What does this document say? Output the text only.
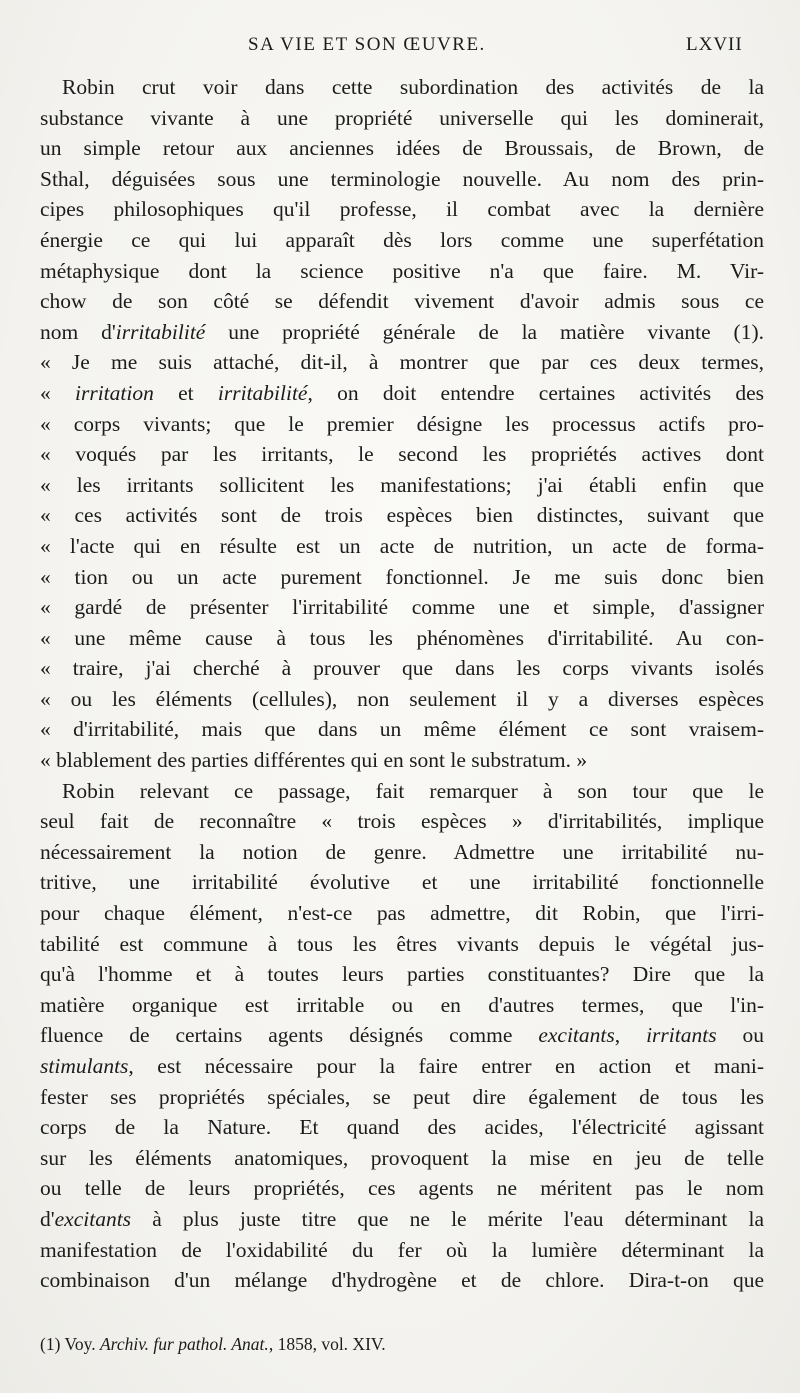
SA VIE ET SON ŒUVRE.	LXVII
Robin crut voir dans cette subordination des activités de la
substance vivante à une propriété universelle qui les dominerait,
un simple retour aux anciennes idées de Broussais, de Brown, de
Sthal, déguisées sous une terminologie nouvelle. Au nom des prin-
cipes philosophiques qu'il professe, il combat avec la dernière
énergie ce qui lui apparaît dès lors comme une superfétation
métaphysique dont la science positive n'a que faire. M. Vir-
chow de son côté se défendit vivement d'avoir admis sous ce
nom d'irritabilité une propriété générale de la matière vivante (1).
« Je me suis attaché, dit-il, à montrer que par ces deux termes,
« irritation et irritabilité, on doit entendre certaines activités des
« corps vivants; que le premier désigne les processus actifs pro-
« voqués par les irritants, le second les propriétés actives dont
« les irritants sollicitent les manifestations; j'ai établi enfin que
« ces activités sont de trois espèces bien distinctes, suivant que
« l'acte qui en résulte est un acte de nutrition, un acte de forma-
« tion ou un acte purement fonctionnel. Je me suis donc bien
« gardé de présenter l'irritabilité comme une et simple, d'assigner
« une même cause à tous les phénomènes d'irritabilité. Au con-
« traire, j'ai cherché à prouver que dans les corps vivants isolés
« ou les éléments (cellules), non seulement il y a diverses espèces
« d'irritabilité, mais que dans un même élément ce sont vraisem-
« blablement des parties différentes qui en sont le substratum. »
Robin relevant ce passage, fait remarquer à son tour que le
seul fait de reconnaître « trois espèces » d'irritabilités, implique
nécessairement la notion de genre. Admettre une irritabilité nu-
tritive, une irritabilité évolutive et une irritabilité fonctionnelle
pour chaque élément, n'est-ce pas admettre, dit Robin, que l'irri-
tabilité est commune à tous les êtres vivants depuis le végétal jus-
qu'à l'homme et à toutes leurs parties constituantes? Dire que la
matière organique est irritable ou en d'autres termes, que l'in-
fluence de certains agents désignés comme excitants, irritants ou
stimulants, est nécessaire pour la faire entrer en action et mani-
fester ses propriétés spéciales, se peut dire également de tous les
corps de la Nature. Et quand des acides, l'électricité agissant
sur les éléments anatomiques, provoquent la mise en jeu de telle
ou telle de leurs propriétés, ces agents ne méritent pas le nom
d'excitants à plus juste titre que ne le mérite l'eau déterminant la
manifestation de l'oxidabilité du fer où la lumière déterminant la
combinaison d'un mélange d'hydrogène et de chlore. Dira-t-on que
(1) Voy. Archiv. fur pathol. Anat., 1858, vol. XIV.
